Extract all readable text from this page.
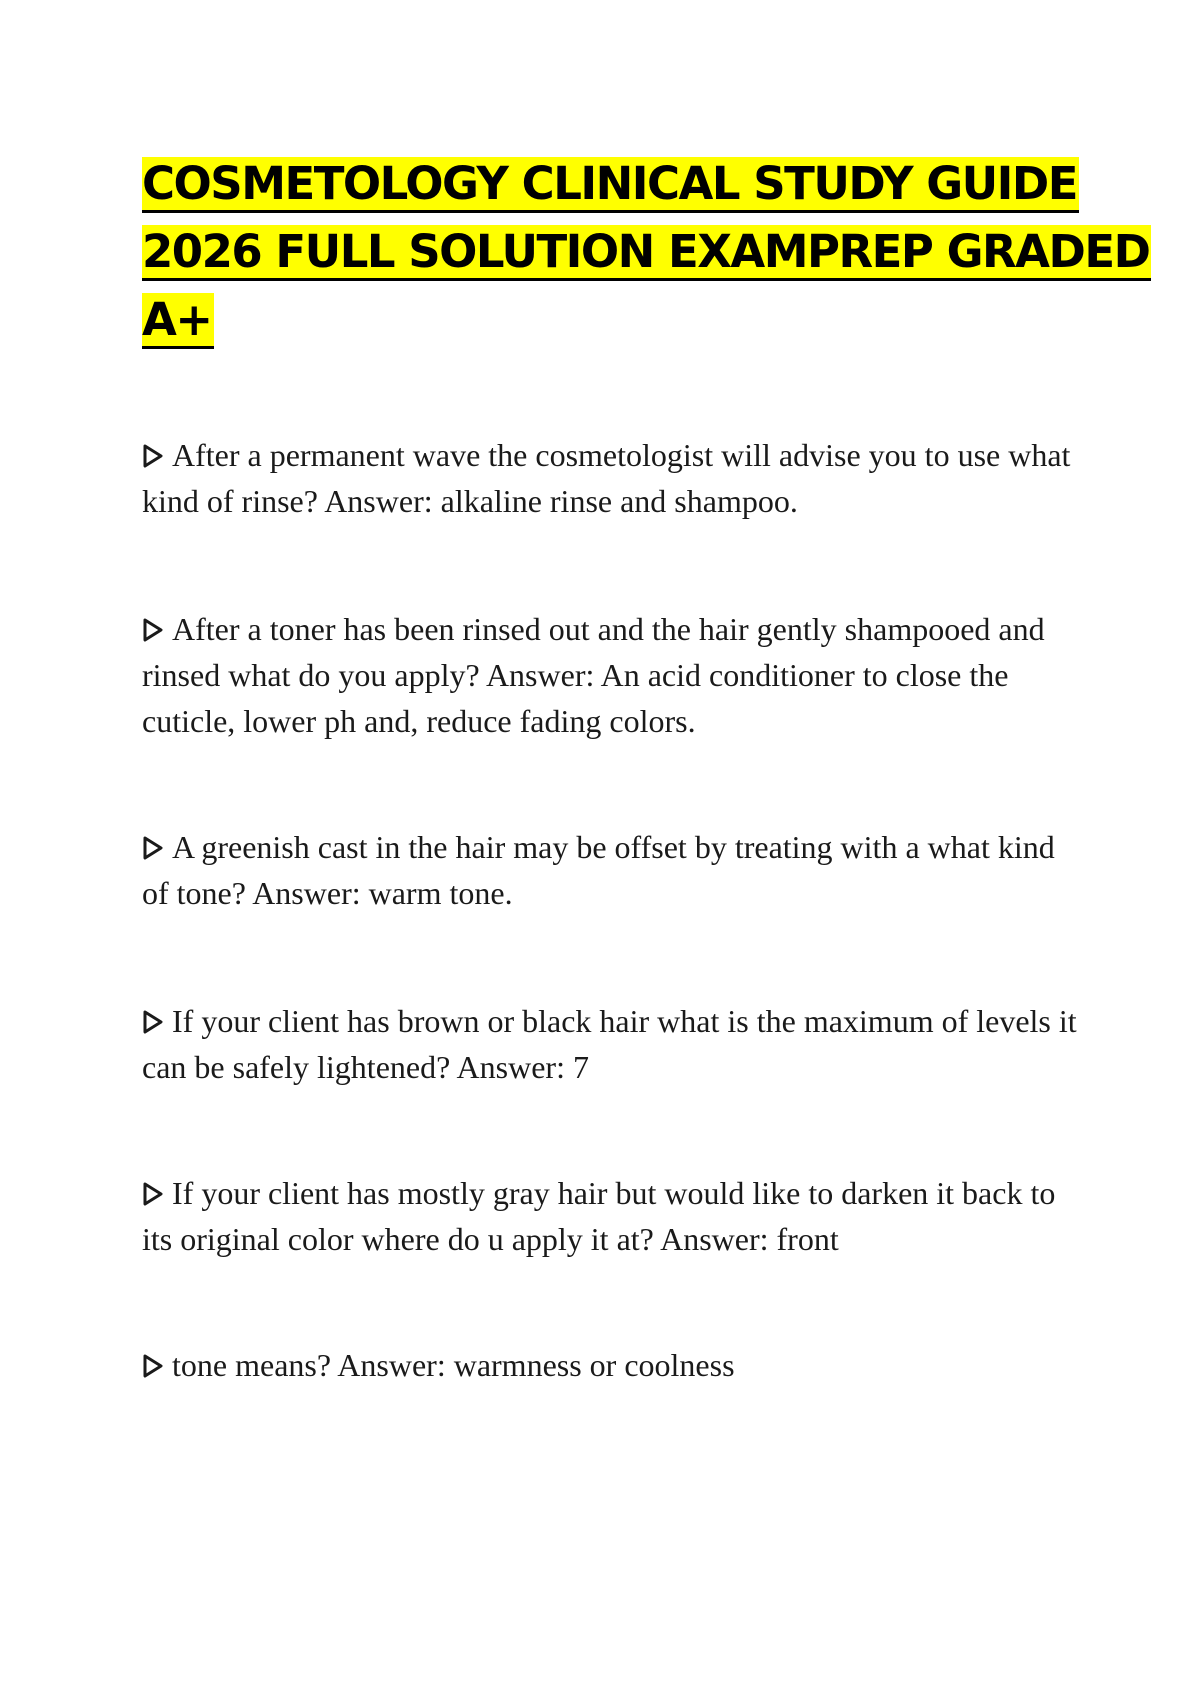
COSMETOLOGY CLINICAL STUDY GUIDE
2026 FULL SOLUTION EXAMPREP GRADED
A+
After a permanent wave the cosmetologist will advise you to use what kind of rinse? Answer: alkaline rinse and shampoo.
After a toner has been rinsed out and the hair gently shampooed and rinsed what do you apply? Answer: An acid conditioner to close the cuticle, lower ph and, reduce fading colors.
A greenish cast in the hair may be offset by treating with a what kind of tone? Answer: warm tone.
If your client has brown or black hair what is the maximum of levels it can be safely lightened? Answer: 7
If your client has mostly gray hair but would like to darken it back to its original color where do u apply it at? Answer: front
tone means? Answer: warmness or coolness
